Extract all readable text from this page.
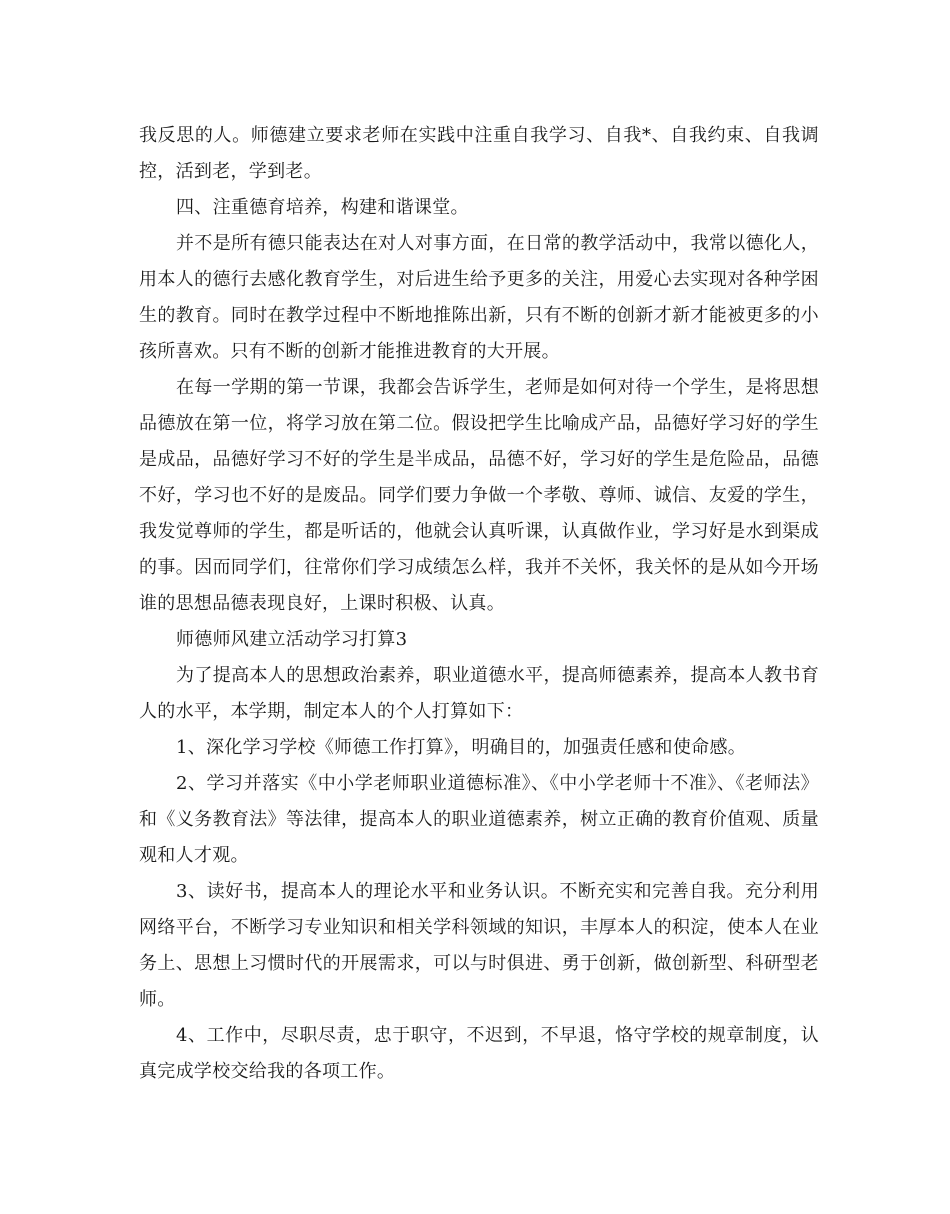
我反思的人。师德建立要求老师在实践中注重自我学习、自我*、自我约束、自我调控，活到老，学到老。

四、注重德育培养，构建和谐课堂。

并不是所有德只能表达在对人对事方面，在日常的教学活动中，我常以德化人，用本人的德行去感化教育学生，对后进生给予更多的关注，用爱心去实现对各种学困生的教育。同时在教学过程中不断地推陈出新，只有不断的创新才新才能被更多的小孩所喜欢。只有不断的创新才能推进教育的大开展。

在每一学期的第一节课，我都会告诉学生，老师是如何对待一个学生，是将思想品德放在第一位，将学习放在第二位。假设把学生比喻成产品，品德好学习好的学生是成品，品德好学习不好的学生是半成品，品德不好，学习好的学生是危险品，品德不好，学习也不好的是废品。同学们要力争做一个孝敬、尊师、诚信、友爱的学生，我发觉尊师的学生，都是听话的，他就会认真听课，认真做作业，学习好是水到渠成的事。因而同学们，往常你们学习成绩怎么样，我并不关怀，我关怀的是从如今开场谁的思想品德表现良好，上课时积极、认真。

师德师风建立活动学习打算3

为了提高本人的思想政治素养，职业道德水平，提高师德素养，提高本人教书育人的水平，本学期，制定本人的个人打算如下：

1、深化学习学校《师德工作打算》，明确目的，加强责任感和使命感。

2、学习并落实《中小学老师职业道德标准》、《中小学老师十不准》、《老师法》和《义务教育法》等法律，提高本人的职业道德素养，树立正确的教育价值观、质量观和人才观。

3、读好书，提高本人的理论水平和业务认识。不断充实和完善自我。充分利用网络平台，不断学习专业知识和相关学科领域的知识，丰厚本人的积淀，使本人在业务上、思想上习惯时代的开展需求，可以与时俱进、勇于创新，做创新型、科研型老师。

4、工作中，尽职尽责，忠于职守，不迟到，不早退，恪守学校的规章制度，认真完成学校交给我的各项工作。
